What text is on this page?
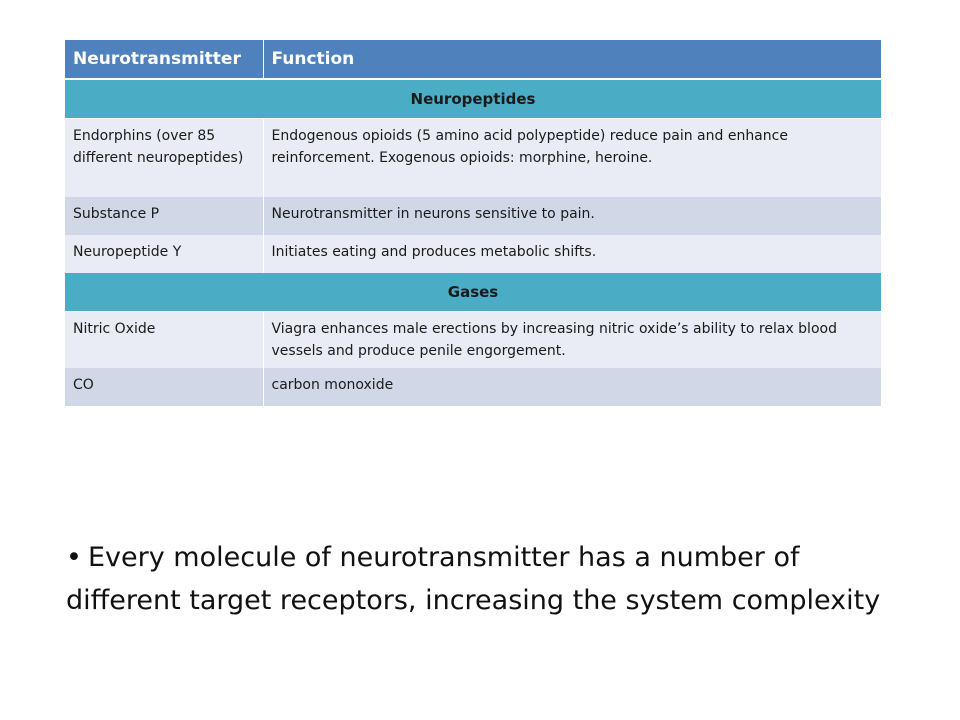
Neurotransmitter	Function
Neuropeptides	
Endorphins (over 85 different neuropeptides)	Endogenous opioids (5 amino acid polypeptide) reduce pain and enhance reinforcement. Exogenous opioids: morphine, heroine.
Substance P	Neurotransmitter in neurons sensitive to pain.
Neuropeptide Y	Initiates eating and produces metabolic shifts.
Gases	
Nitric Oxide	Viagra enhances male erections by increasing nitric oxide’s ability to relax blood vessels and produce penile engorgement.
CO	carbon monoxide
• Every molecule of neurotransmitter has a number of different target receptors, increasing the system complexity
